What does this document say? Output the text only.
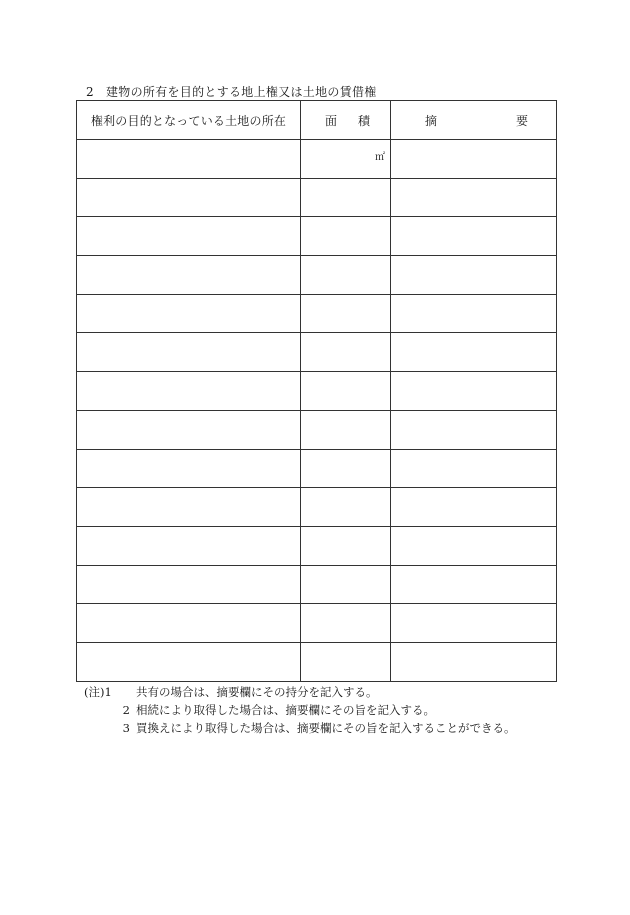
2 建物の所有を目的とする地上権又は土地の賃借権
権利の目的となっている土地の所在	面 積	摘 要

	㎡	

(注)1 共有の場合は、摘要欄にその持分を記入する。
2 相続により取得した場合は、摘要欄にその旨を記入する。
3 買換えにより取得した場合は、摘要欄にその旨を記入することができる。
